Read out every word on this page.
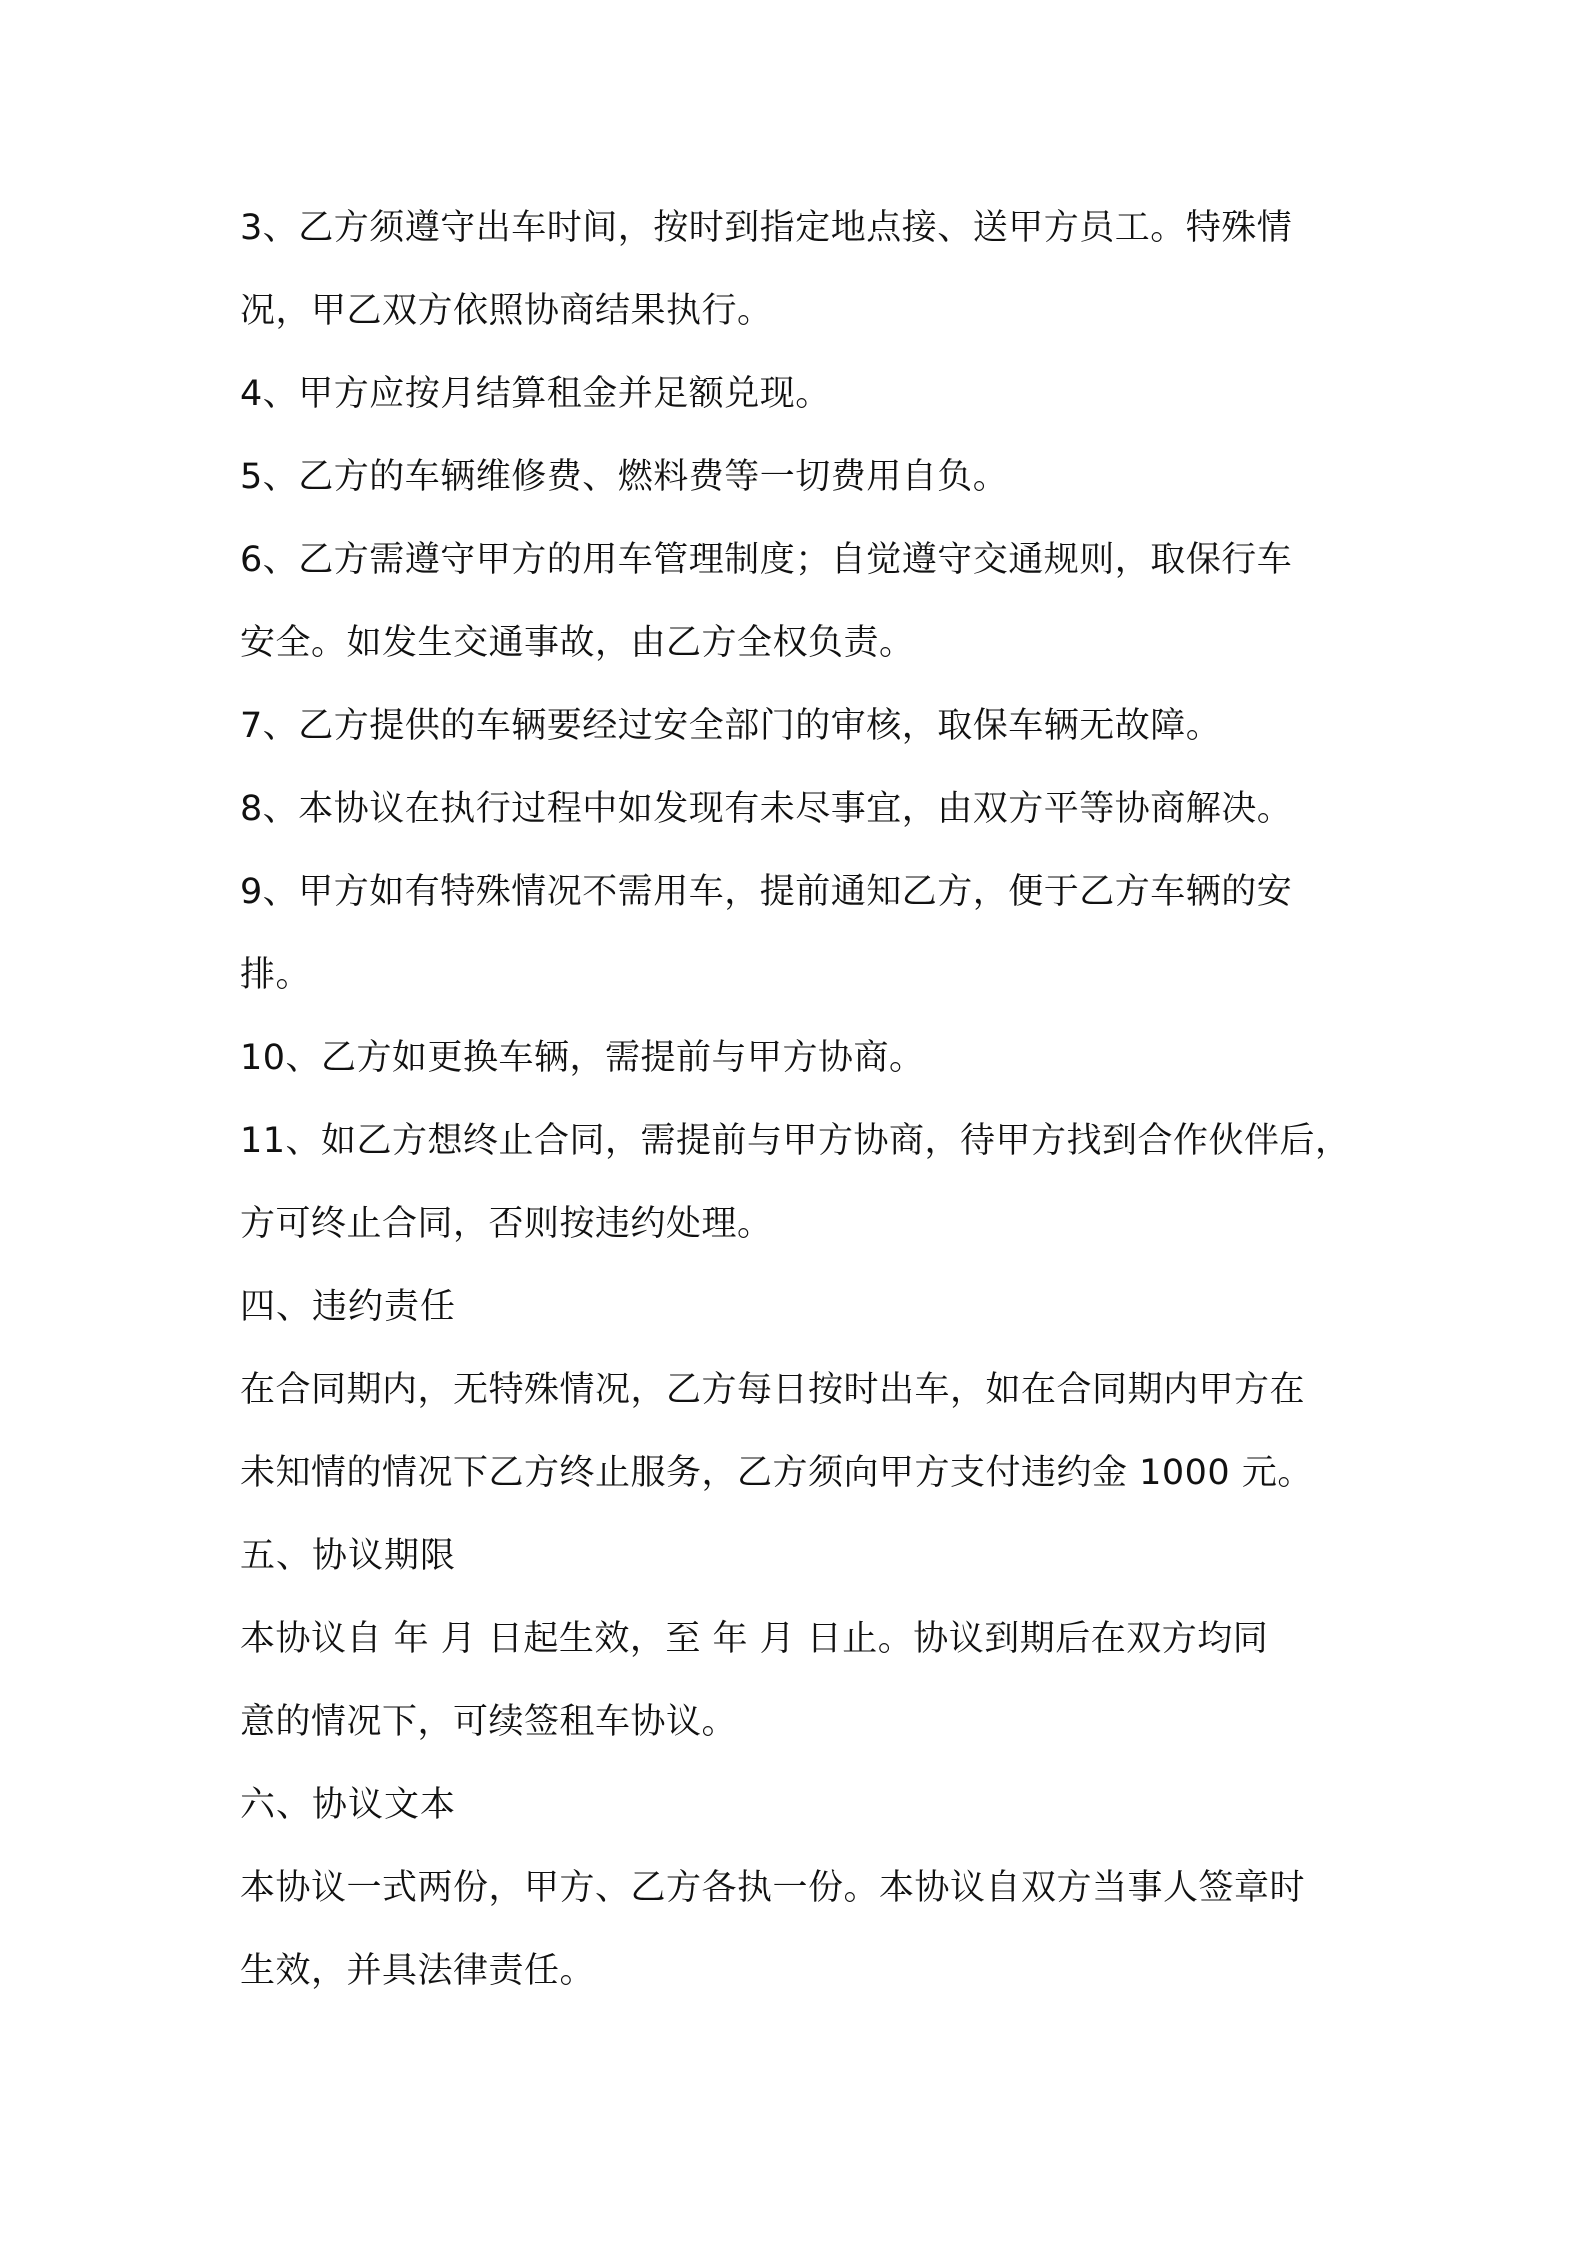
3、乙方须遵守出车时间，按时到指定地点接、送甲方员工。特殊情
况，甲乙双方依照协商结果执行。
4、甲方应按月结算租金并足额兑现。
5、乙方的车辆维修费、燃料费等一切费用自负。
6、乙方需遵守甲方的用车管理制度；自觉遵守交通规则，取保行车
安全。如发生交通事故，由乙方全权负责。
7、乙方提供的车辆要经过安全部门的审核，取保车辆无故障。
8、本协议在执行过程中如发现有未尽事宜，由双方平等协商解决。
9、甲方如有特殊情况不需用车，提前通知乙方，便于乙方车辆的安
排。
10、乙方如更换车辆，需提前与甲方协商。
11、如乙方想终止合同，需提前与甲方协商，待甲方找到合作伙伴后，
方可终止合同，否则按违约处理。
四、违约责任
在合同期内，无特殊情况，乙方每日按时出车，如在合同期内甲方在
未知情的情况下乙方终止服务，乙方须向甲方支付违约金 1000 元。
五、协议期限
本协议自 年 月 日起生效，至 年 月 日止。协议到期后在双方均同
意的情况下，可续签租车协议。
六、协议文本
本协议一式两份，甲方、乙方各执一份。本协议自双方当事人签章时
生效，并具法律责任。
